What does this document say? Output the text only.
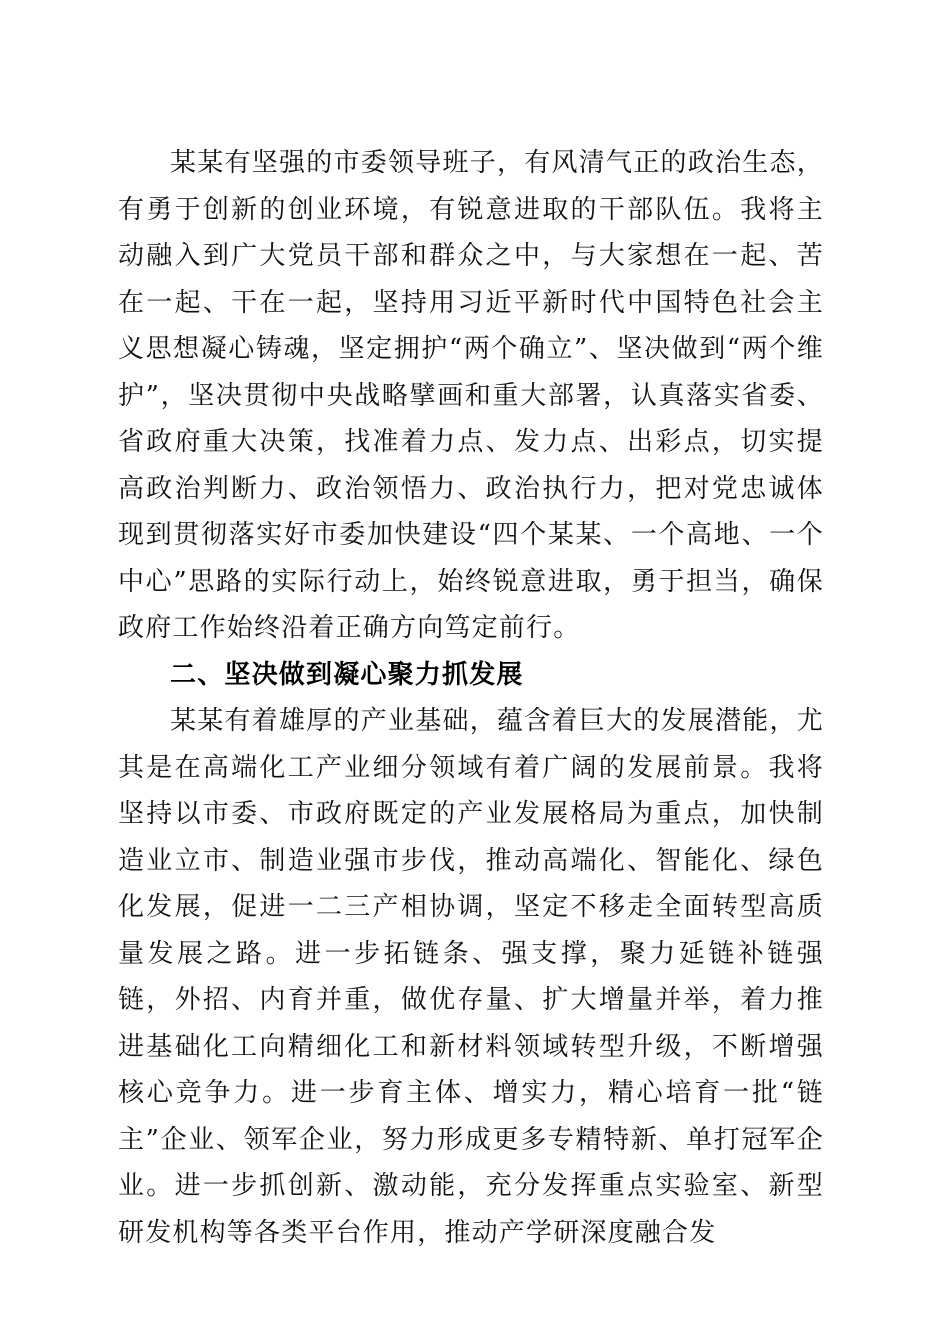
某某有坚强的市委领导班子，有风清气正的政治生态，有勇于创新的创业环境，有锐意进取的干部队伍。我将主动融入到广大党员干部和群众之中，与大家想在一起、苦在一起、干在一起，坚持用习近平新时代中国特色社会主义思想凝心铸魂，坚定拥护“两个确立”、坚决做到“两个维护”，坚决贯彻中央战略擘画和重大部署，认真落实省委、省政府重大决策，找准着力点、发力点、出彩点，切实提高政治判断力、政治领悟力、政治执行力，把对党忠诚体现到贯彻落实好市委加快建设“四个某某、一个高地、一个中心”思路的实际行动上，始终锐意进取，勇于担当，确保政府工作始终沿着正确方向笃定前行。

二、坚决做到凝心聚力抓发展

某某有着雄厚的产业基础，蕴含着巨大的发展潜能，尤其是在高端化工产业细分领域有着广阔的发展前景。我将坚持以市委、市政府既定的产业发展格局为重点，加快制造业立市、制造业强市步伐，推动高端化、智能化、绿色化发展，促进一二三产相协调，坚定不移走全面转型高质量发展之路。进一步拓链条、强支撑，聚力延链补链强链，外招、内育并重，做优存量、扩大增量并举，着力推进基础化工向精细化工和新材料领域转型升级，不断增强核心竞争力。进一步育主体、增实力，精心培育一批“链主”企业、领军企业，努力形成更多专精特新、单打冠军企业。进一步抓创新、激动能，充分发挥重点实验室、新型研发机构等各类平台作用，推动产学研深度融合发
